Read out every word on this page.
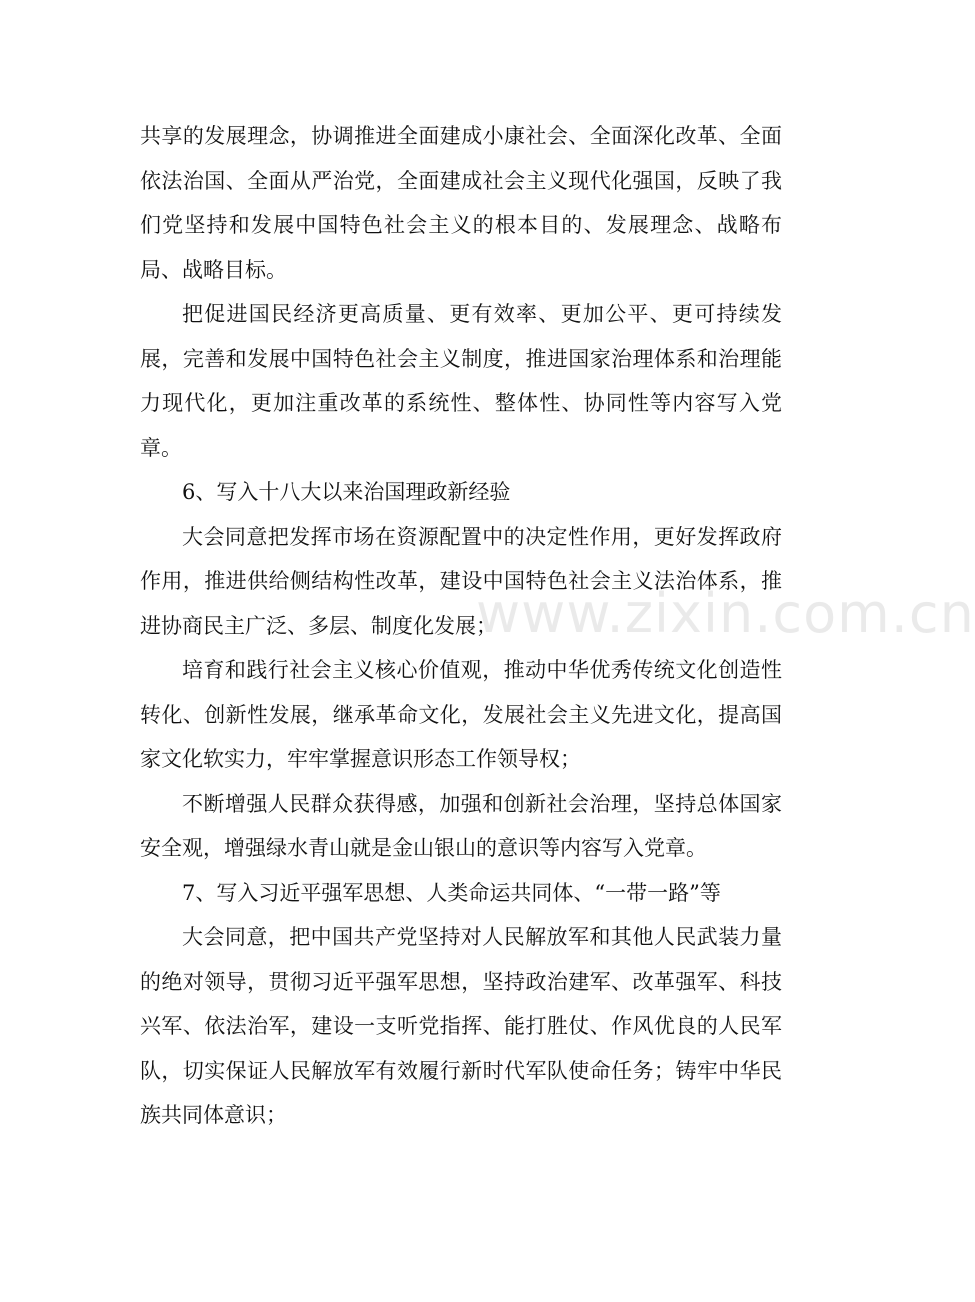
共享的发展理念，协调推进全面建成小康社会、全面深化改革、全面依法治国、全面从严治党，全面建成社会主义现代化强国，反映了我们党坚持和发展中国特色社会主义的根本目的、发展理念、战略布局、战略目标。

把促进国民经济更高质量、更有效率、更加公平、更可持续发展，完善和发展中国特色社会主义制度，推进国家治理体系和治理能力现代化，更加注重改革的系统性、整体性、协同性等内容写入党章。

6、写入十八大以来治国理政新经验

大会同意把发挥市场在资源配置中的决定性作用，更好发挥政府作用，推进供给侧结构性改革，建设中国特色社会主义法治体系，推进协商民主广泛、多层、制度化发展；

培育和践行社会主义核心价值观，推动中华优秀传统文化创造性转化、创新性发展，继承革命文化，发展社会主义先进文化，提高国家文化软实力，牢牢掌握意识形态工作领导权；

不断增强人民群众获得感，加强和创新社会治理，坚持总体国家安全观，增强绿水青山就是金山银山的意识等内容写入党章。

7、写入习近平强军思想、人类命运共同体、“一带一路”等

大会同意，把中国共产党坚持对人民解放军和其他人民武装力量的绝对领导，贯彻习近平强军思想，坚持政治建军、改革强军、科技兴军、依法治军，建设一支听党指挥、能打胜仗、作风优良的人民军队，切实保证人民解放军有效履行新时代军队使命任务；铸牢中华民族共同体意识；

www.zixin.com.cn
